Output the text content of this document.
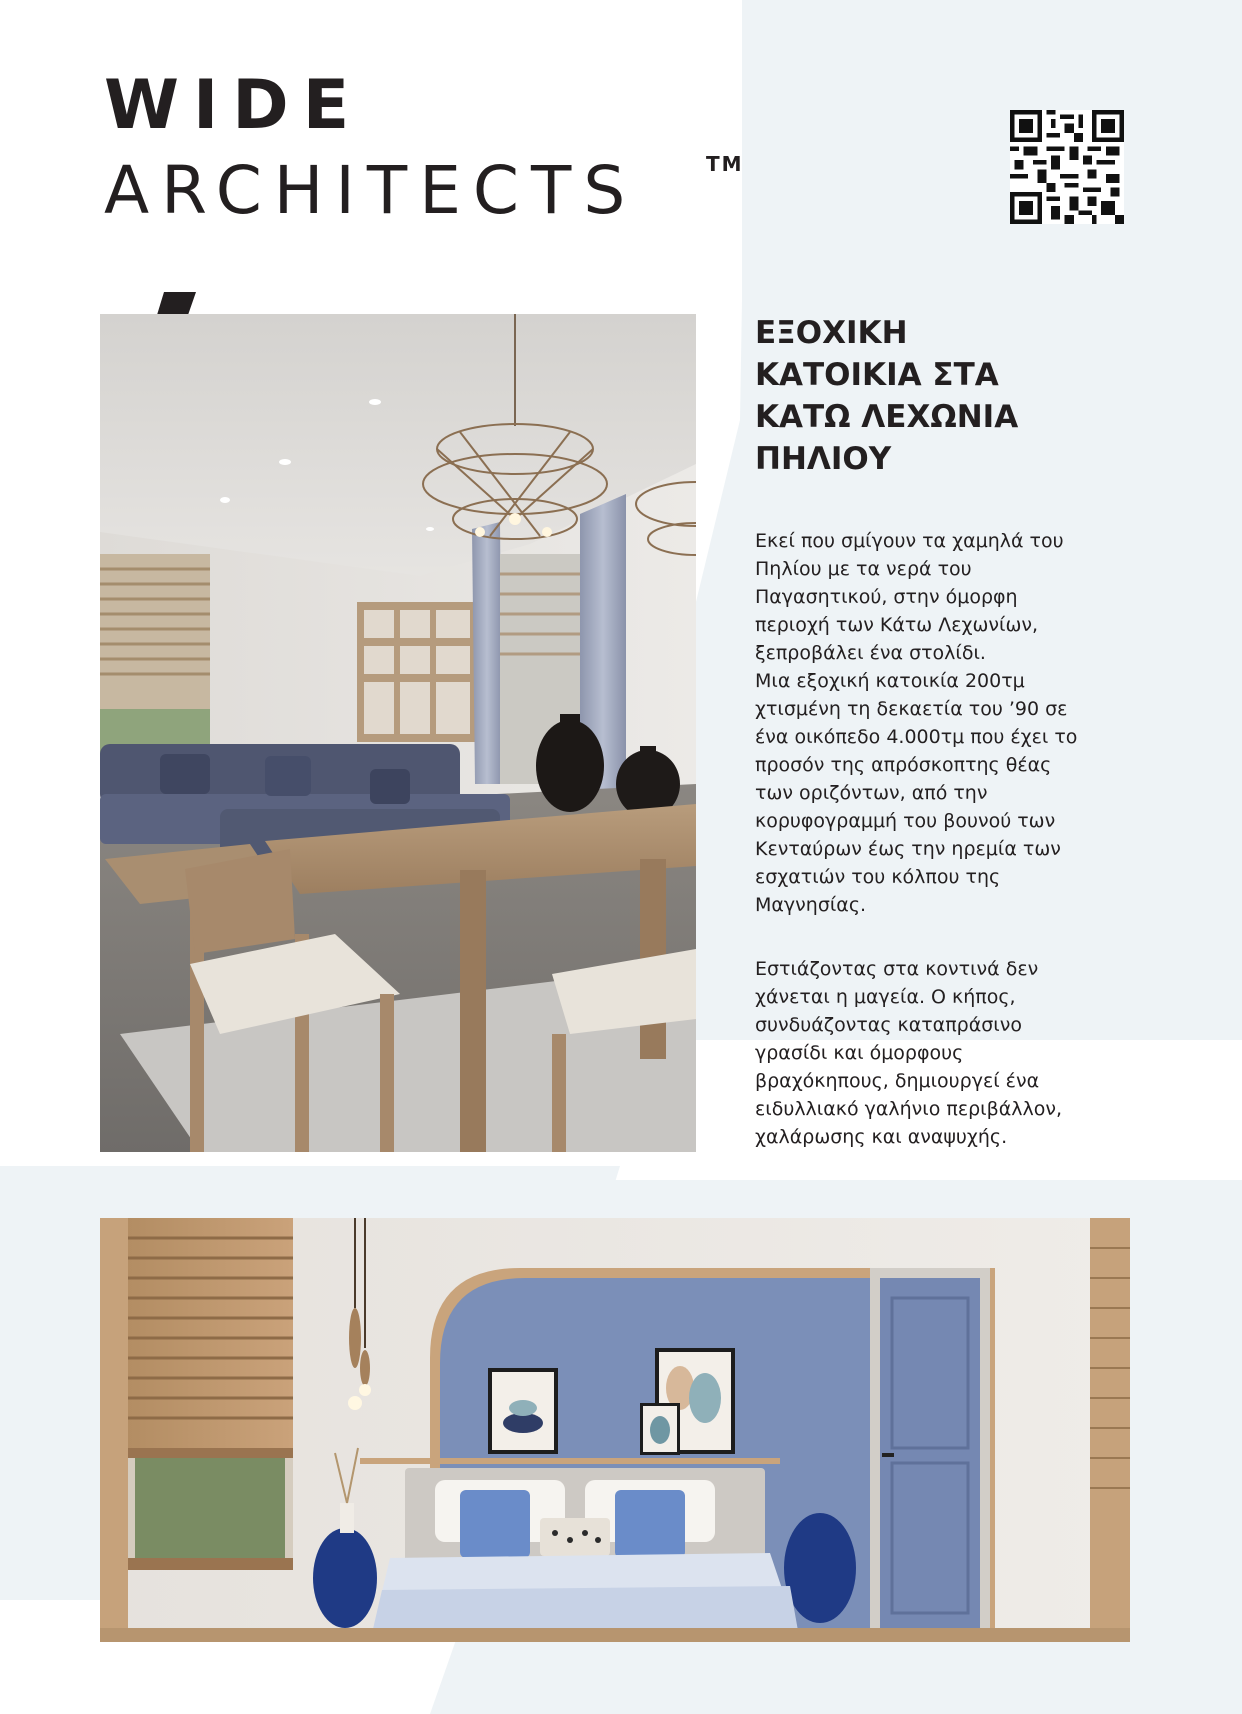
WIDE
ARCHITECTS	TM
ΕΞΟΧΙΚΗ
ΚΑΤΟΙΚΙΑ ΣΤΑ
ΚΑΤΩ ΛΕΧΩΝΙΑ
ΠΗΛΙΟΥ

Εκεί που σμίγουν τα χαμηλά του
Πηλίου με τα νερά του
Παγασητικού, στην όμορφη
περιοχή των Κάτω Λεχωνίων,
ξεπροβάλει ένα στολίδι.
Μια εξοχική κατοικία 200τμ
χτισμένη τη δεκαετία του ’90 σε
ένα οικόπεδο 4.000τμ που έχει το
προσόν της απρόσκοπτης θέας
των οριζόντων, από την
κορυφογραμμή του βουνού των
Κενταύρων έως την ηρεμία των
εσχατιών του κόλπου της
Μαγνησίας.

Εστιάζοντας στα κοντινά δεν
χάνεται η μαγεία. Ο κήπος,
συνδυάζοντας καταπράσινο
γρασίδι και όμορφους
βραχόκηπους, δημιουργεί ένα
ειδυλλιακό γαλήνιο περιβάλλον,
χαλάρωσης και αναψυχής.
